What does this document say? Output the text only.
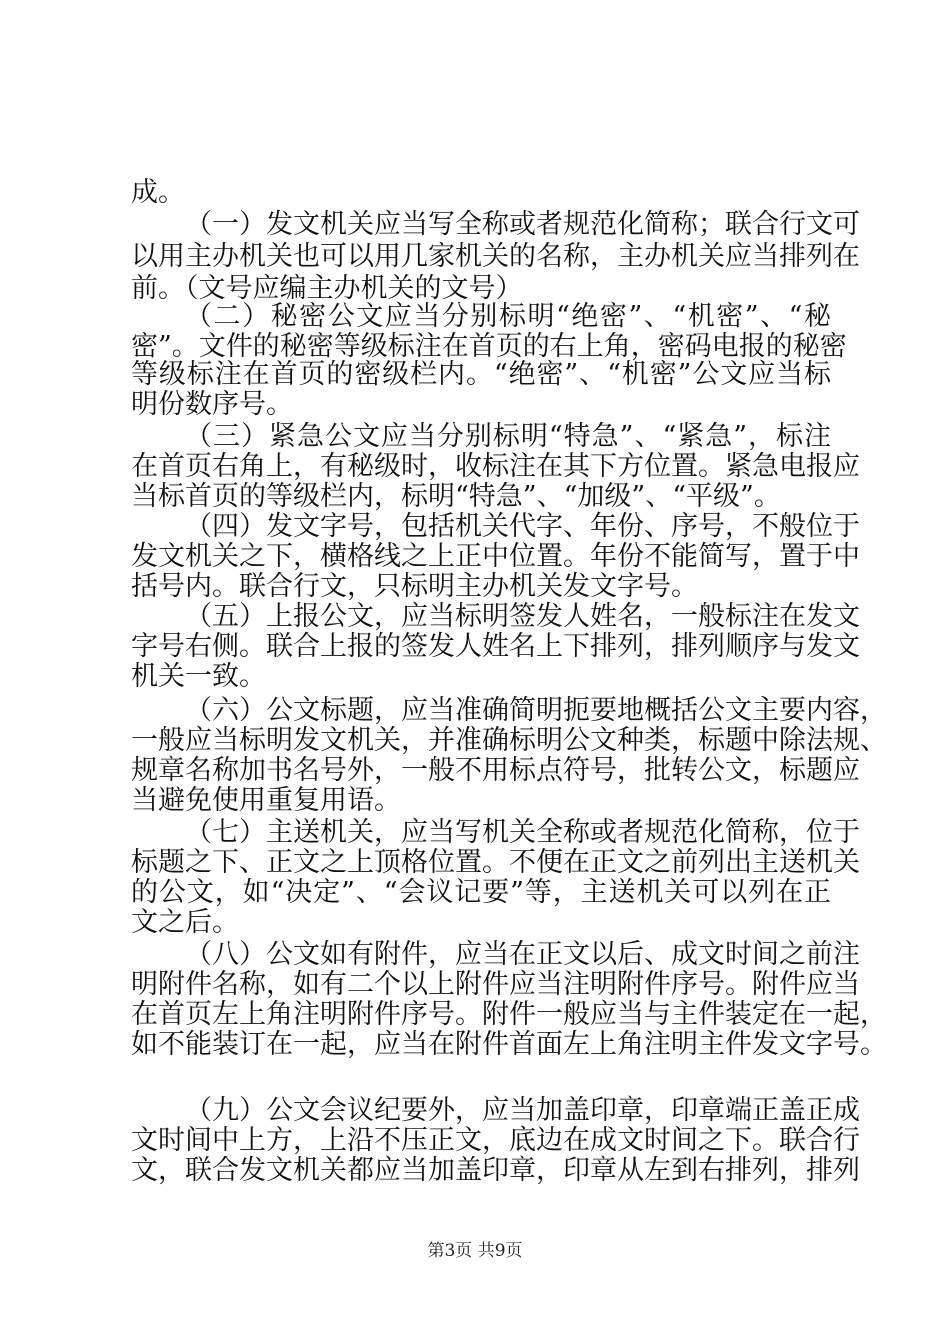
成。
（一）发文机关应当写全称或者规范化简称；联合行文可
以用主办机关也可以用几家机关的名称，主办机关应当排列在
前。（文号应编主办机关的文号）
（二）秘密公文应当分别标明“绝密”、“机密”、“秘
密”。文件的秘密等级标注在首页的右上角，密码电报的秘密
等级标注在首页的密级栏内。“绝密”、“机密”公文应当标
明份数序号。
（三）紧急公文应当分别标明“特急”、“紧急”，标注
在首页右角上，有秘级时，收标注在其下方位置。紧急电报应
当标首页的等级栏内，标明“特急”、“加级”、“平级”。
（四）发文字号，包括机关代字、年份、序号，不般位于
发文机关之下，横格线之上正中位置。年份不能简写，置于中
括号内。联合行文，只标明主办机关发文字号。
（五）上报公文，应当标明签发人姓名，一般标注在发文
字号右侧。联合上报的签发人姓名上下排列，排列顺序与发文
机关一致。
（六）公文标题，应当准确简明扼要地概括公文主要内容，
一般应当标明发文机关，并准确标明公文种类，标题中除法规、
规章名称加书名号外，一般不用标点符号，批转公文，标题应
当避免使用重复用语。
（七）主送机关，应当写机关全称或者规范化简称，位于
标题之下、正文之上顶格位置。不便在正文之前列出主送机关
的公文，如“决定”、“会议记要”等，主送机关可以列在正
文之后。
（八）公文如有附件，应当在正文以后、成文时间之前注
明附件名称，如有二个以上附件应当注明附件序号。附件应当
在首页左上角注明附件序号。附件一般应当与主件装定在一起，
如不能装订在一起，应当在附件首面左上角注明主件发文字号。
（九）公文会议纪要外，应当加盖印章，印章端正盖正成
文时间中上方，上沿不压正文，底边在成文时间之下。联合行
文，联合发文机关都应当加盖印章，印章从左到右排列，排列
第3页 共9页
